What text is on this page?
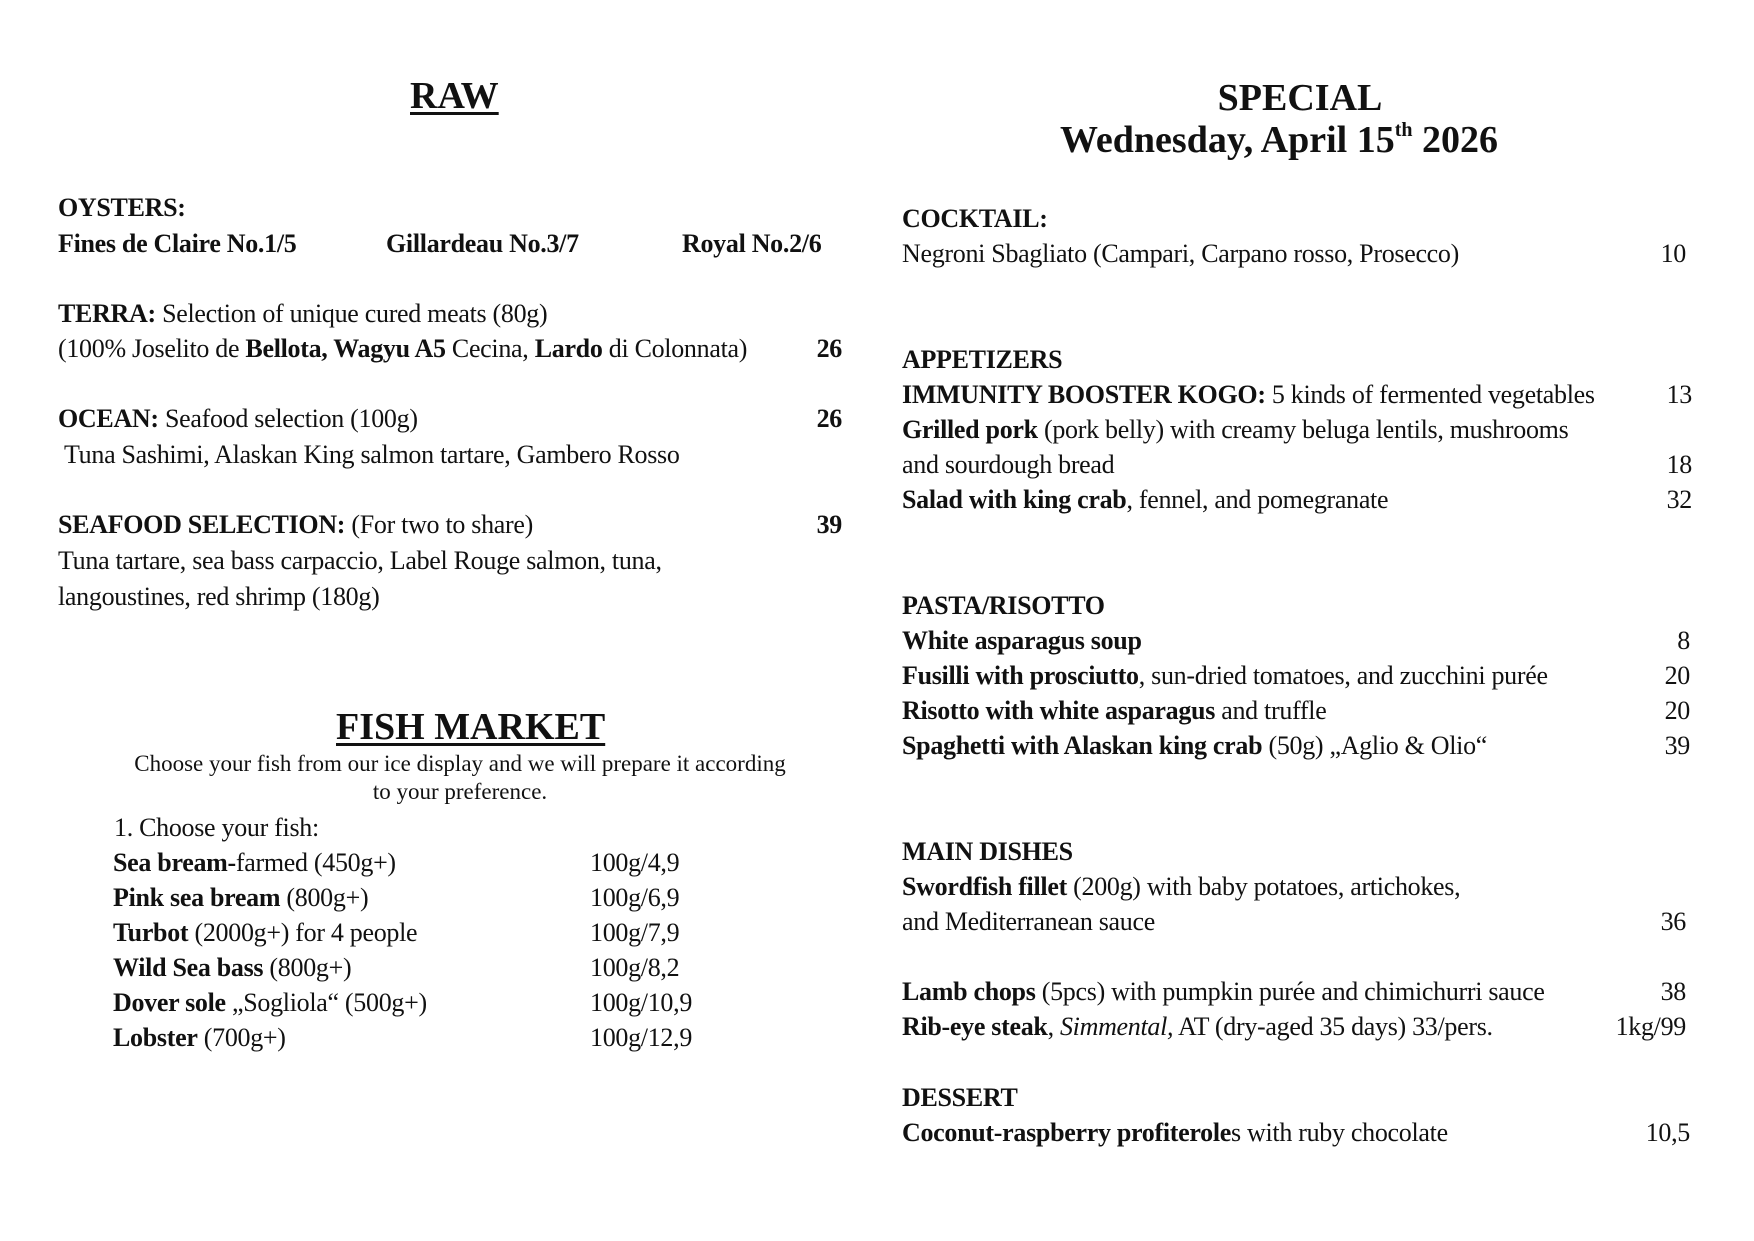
RAW
OYSTERS:
Fines de Claire No.1/5	Gillardeau No.3/7	Royal No.2/6
TERRA: Selection of unique cured meats (80g)
(100% Joselito de Bellota, Wagyu A5 Cecina, Lardo di Colonnata)	26
OCEAN: Seafood selection (100g)	26
Tuna Sashimi, Alaskan King salmon tartare, Gambero Rosso
SEAFOOD SELECTION: (For two to share)	39
Tuna tartare, sea bass carpaccio, Label Rouge salmon, tuna,
langoustines, red shrimp (180g)
FISH MARKET
Choose your fish from our ice display and we will prepare it according
to your preference.
1. Choose your fish:
Sea bream-farmed (450g+)	100g/4,9
Pink sea bream (800g+)	100g/6,9
Turbot (2000g+) for 4 people	100g/7,9
Wild Sea bass (800g+)	100g/8,2
Dover sole „Sogliola“ (500g+)	100g/10,9
Lobster (700g+)	100g/12,9
SPECIAL
Wednesday, April 15th 2026
COCKTAIL:
Negroni Sbagliato (Campari, Carpano rosso, Prosecco)	10
APPETIZERS
IMMUNITY BOOSTER KOGO: 5 kinds of fermented vegetables	13
Grilled pork (pork belly) with creamy beluga lentils, mushrooms
and sourdough bread	18
Salad with king crab, fennel, and pomegranate	32
PASTA/RISOTTO
White asparagus soup	8
Fusilli with prosciutto, sun-dried tomatoes, and zucchini purée	20
Risotto with white asparagus and truffle	20
Spaghetti with Alaskan king crab (50g) „Aglio & Olio“	39
MAIN DISHES
Swordfish fillet (200g) with baby potatoes, artichokes,
and Mediterranean sauce	36
Lamb chops (5pcs) with pumpkin purée and chimichurri sauce	38
Rib-eye steak, Simmental, AT (dry-aged 35 days) 33/pers.	1kg/99
DESSERT
Coconut-raspberry profiteroles with ruby chocolate	10,5
